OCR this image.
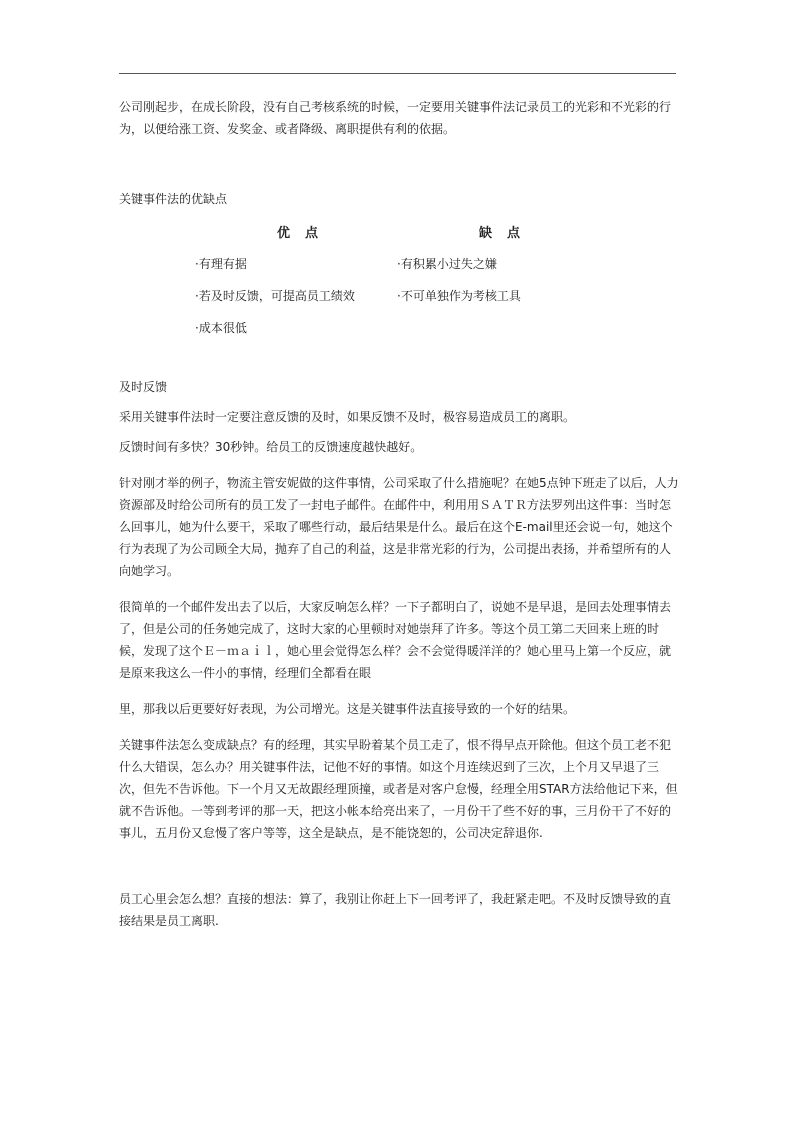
公司刚起步，在成长阶段，没有自己考核系统的时候，一定要用关键事件法记录员工的光彩和不光彩的行为，以便给涨工资、发奖金、或者降级、离职提供有利的依据。

关键事件法的优缺点

优　点	缺　点
·有理有据
·若及时反馈，可提高员工绩效
·成本很低
·有积累小过失之嫌
·不可单独作为考核工具

及时反馈

采用关键事件法时一定要注意反馈的及时，如果反馈不及时，极容易造成员工的离职。

反馈时间有多快？30秒钟。给员工的反馈速度越快越好。

针对刚才举的例子，物流主管安妮做的这件事情，公司采取了什么措施呢？在她5点钟下班走了以后，人力资源部及时给公司所有的员工发了一封电子邮件。在邮件中，利用用ＳＡＴＲ方法罗列出这件事：当时怎么回事儿，她为什么要干，采取了哪些行动，最后结果是什么。最后在这个E-mail里还会说一句，她这个行为表现了为公司顾全大局，抛弃了自己的利益，这是非常光彩的行为，公司提出表扬，并希望所有的人向她学习。

很简单的一个邮件发出去了以后，大家反响怎么样？一下子都明白了，说她不是早退，是回去处理事情去了，但是公司的任务她完成了，这时大家的心里顿时对她崇拜了许多。等这个员工第二天回来上班的时候，发现了这个Ｅ－ｍａｉｌ，她心里会觉得怎么样？会不会觉得暖洋洋的？她心里马上第一个反应，就是原来我这么一件小的事情，经理们全都看在眼

里，那我以后更要好好表现，为公司增光。这是关键事件法直接导致的一个好的结果。

关键事件法怎么变成缺点？有的经理，其实早盼着某个员工走了，恨不得早点开除他。但这个员工老不犯什么大错误，怎么办？用关键事件法，记他不好的事情。如这个月连续迟到了三次，上个月又早退了三次，但先不告诉他。下一个月又无故跟经理顶撞，或者是对客户怠慢，经理全用STAR方法给他记下来，但就不告诉他。一等到考评的那一天，把这小帐本给亮出来了，一月份干了些不好的事，三月份干了不好的事儿，五月份又怠慢了客户等等，这全是缺点，是不能饶恕的，公司决定辞退你.

员工心里会怎么想？直接的想法：算了，我别让你赶上下一回考评了，我赶紧走吧。不及时反馈导致的直接结果是员工离职.
